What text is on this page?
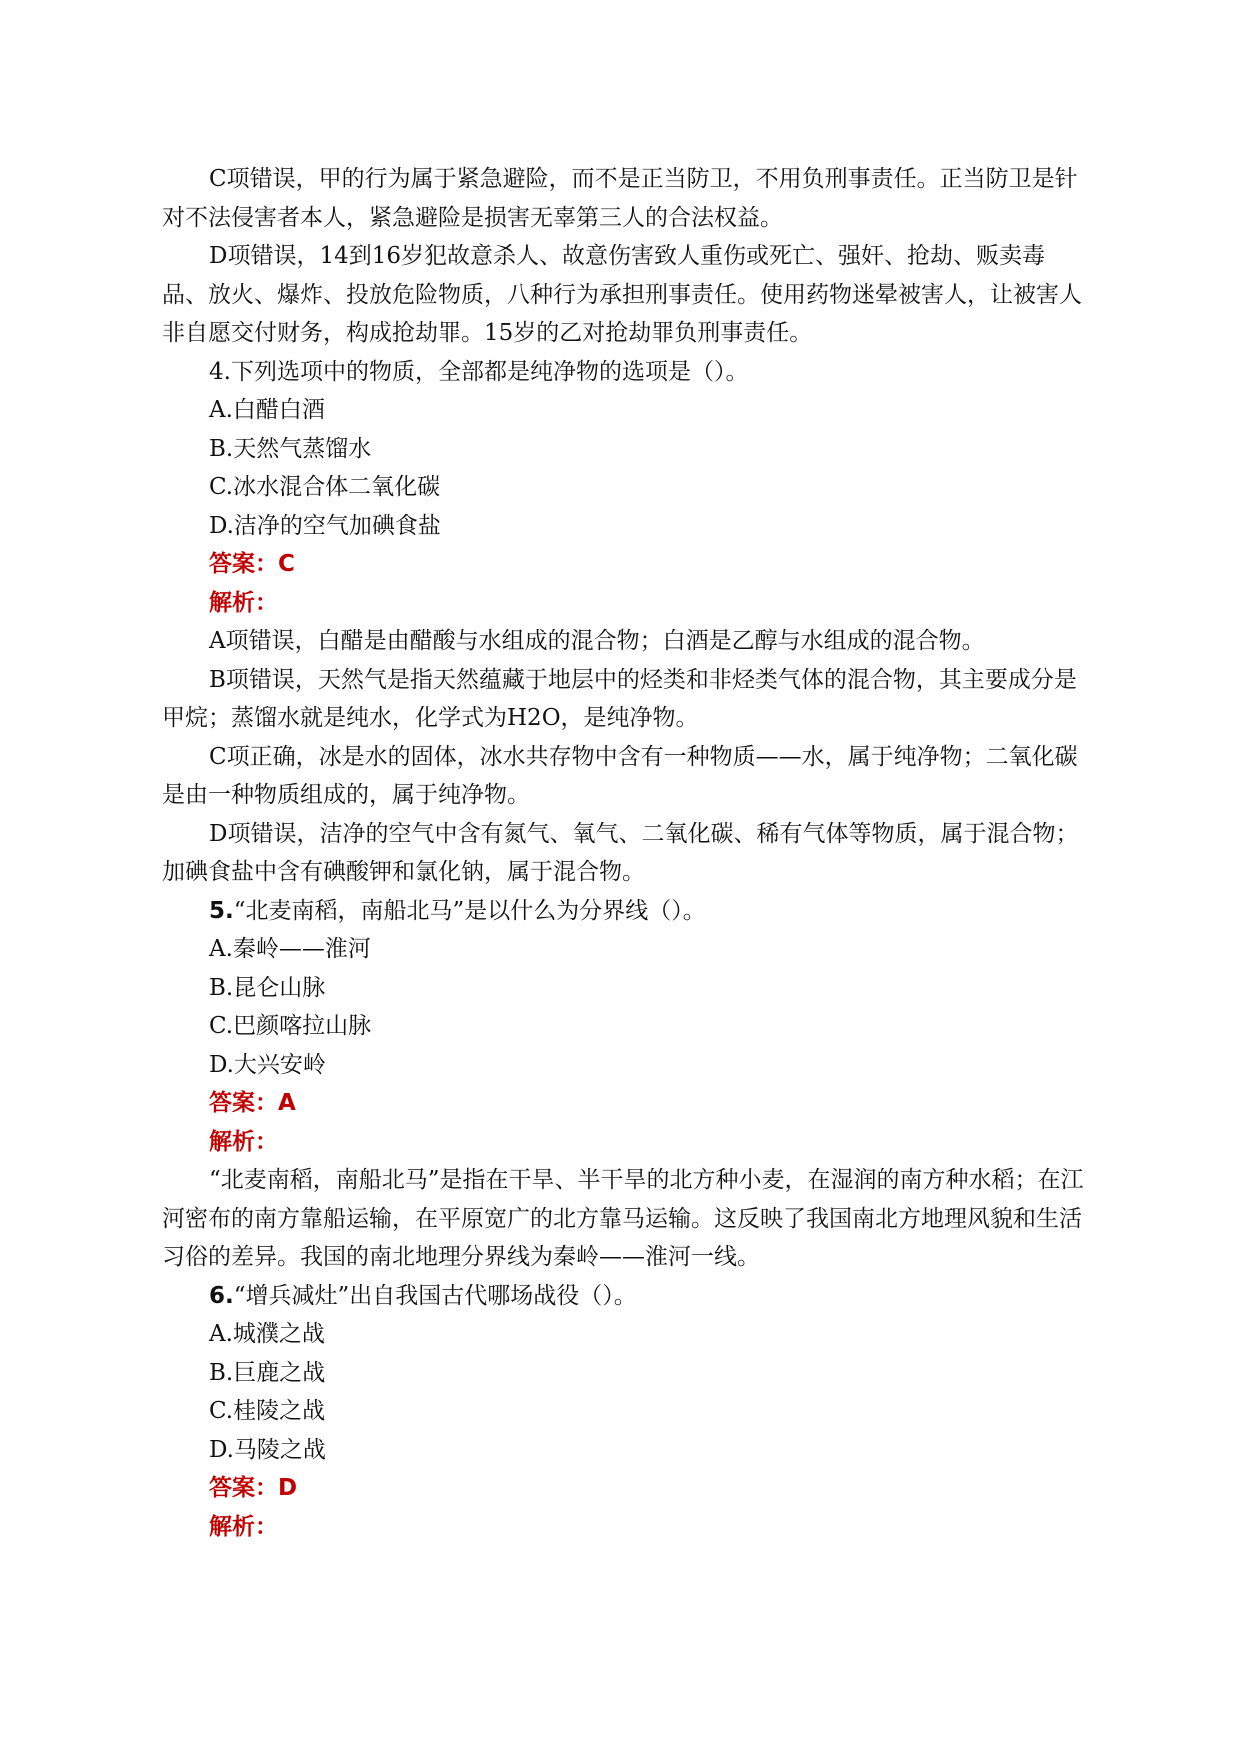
C项错误，甲的行为属于紧急避险，而不是正当防卫，不用负刑事责任。正当防卫是针对不法侵害者本人，紧急避险是损害无辜第三人的合法权益。

D项错误，14到16岁犯故意杀人、故意伤害致人重伤或死亡、强奸、抢劫、贩卖毒品、放火、爆炸、投放危险物质，八种行为承担刑事责任。使用药物迷晕被害人，让被害人非自愿交付财务，构成抢劫罪。15岁的乙对抢劫罪负刑事责任。

4.下列选项中的物质，全部都是纯净物的选项是（）。

A.白醋白酒

B.天然气蒸馏水

C.冰水混合体二氧化碳

D.洁净的空气加碘食盐

答案：C

解析：

A项错误，白醋是由醋酸与水组成的混合物；白酒是乙醇与水组成的混合物。

B项错误，天然气是指天然蕴藏于地层中的烃类和非烃类气体的混合物，其主要成分是甲烷；蒸馏水就是纯水，化学式为H2O，是纯净物。

C项正确，冰是水的固体，冰水共存物中含有一种物质——水，属于纯净物；二氧化碳是由一种物质组成的，属于纯净物。

D项错误，洁净的空气中含有氮气、氧气、二氧化碳、稀有气体等物质，属于混合物；加碘食盐中含有碘酸钾和氯化钠，属于混合物。

5.“北麦南稻，南船北马”是以什么为分界线（）。

A.秦岭——淮河

B.昆仑山脉

C.巴颜喀拉山脉

D.大兴安岭

答案：A

解析：

“北麦南稻，南船北马”是指在干旱、半干旱的北方种小麦，在湿润的南方种水稻；在江河密布的南方靠船运输，在平原宽广的北方靠马运输。这反映了我国南北方地理风貌和生活习俗的差异。我国的南北地理分界线为秦岭——淮河一线。

6.“增兵减灶”出自我国古代哪场战役（）。

A.城濮之战

B.巨鹿之战

C.桂陵之战

D.马陵之战

答案：D

解析：
